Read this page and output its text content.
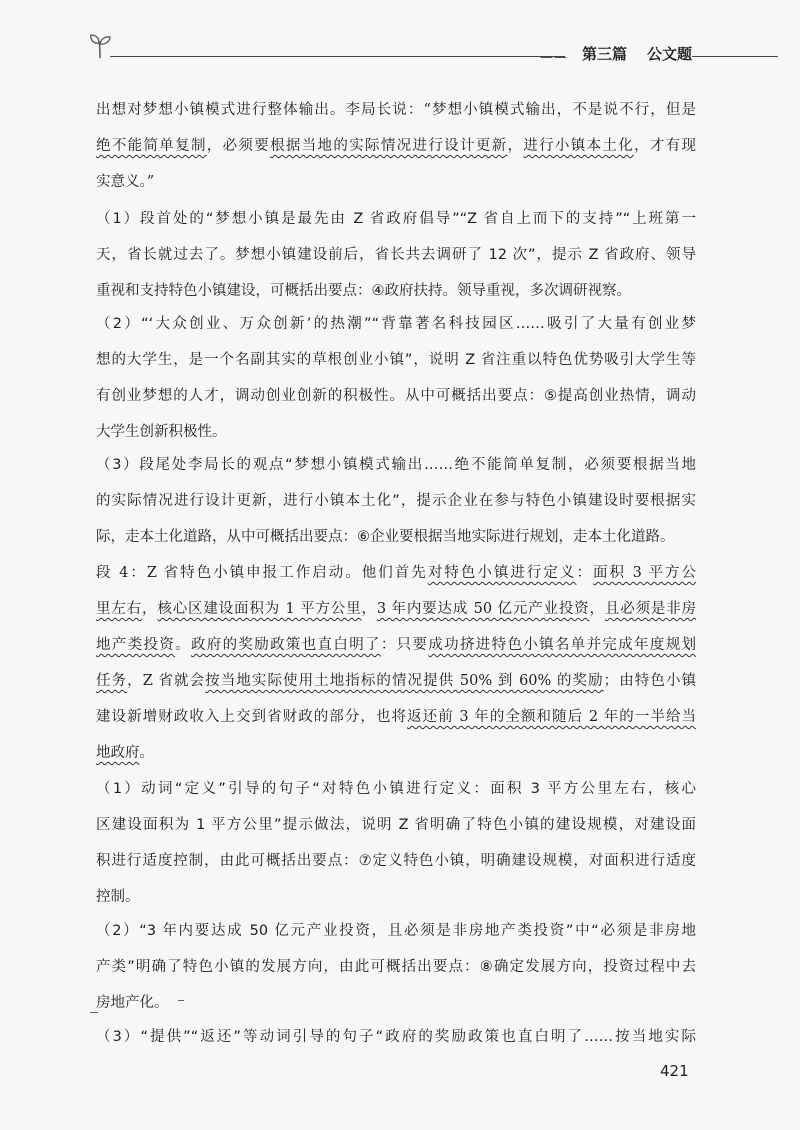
—— 第三篇 公文题
出想对梦想小镇模式进行整体输出。李局长说：“梦想小镇模式输出，不是说不行，但是
绝不能简单复制，必须要根据当地的实际情况进行设计更新，进行小镇本土化，才有现
实意义。”
（1）段首处的“梦想小镇是最先由 Z 省政府倡导”“Z 省自上而下的支持”“上班第一
天，省长就过去了。梦想小镇建设前后，省长共去调研了 12 次”，提示 Z 省政府、领导
重视和支持特色小镇建设，可概括出要点：④政府扶持。领导重视，多次调研视察。
（2）“‘大众创业、万众创新’的热潮”“背靠著名科技园区……吸引了大量有创业梦
想的大学生，是一个名副其实的草根创业小镇”，说明 Z 省注重以特色优势吸引大学生等
有创业梦想的人才，调动创业创新的积极性。从中可概括出要点：⑤提高创业热情，调动
大学生创新积极性。
（3）段尾处李局长的观点“梦想小镇模式输出……绝不能简单复制，必须要根据当地
的实际情况进行设计更新，进行小镇本土化”，提示企业在参与特色小镇建设时要根据实
际，走本土化道路，从中可概括出要点：⑥企业要根据当地实际进行规划，走本土化道路。
段 4：Z 省特色小镇申报工作启动。他们首先对特色小镇进行定义：面积 3 平方公
里左右，核心区建设面积为 1 平方公里，3 年内要达成 50 亿元产业投资，且必须是非房
地产类投资。政府的奖励政策也直白明了：只要成功挤进特色小镇名单并完成年度规划
任务，Z 省就会按当地实际使用土地指标的情况提供 50% 到 60% 的奖励；由特色小镇
建设新增财政收入上交到省财政的部分，也将返还前 3 年的全额和随后 2 年的一半给当
地政府。
（1）动词“定义”引导的句子“对特色小镇进行定义：面积 3 平方公里左右，核心
区建设面积为 1 平方公里”提示做法，说明 Z 省明确了特色小镇的建设规模，对建设面
积进行适度控制，由此可概括出要点：⑦定义特色小镇，明确建设规模，对面积进行适度
控制。
（2）“3 年内要达成 50 亿元产业投资，且必须是非房地产类投资”中“必须是非房地
产类”明确了特色小镇的发展方向，由此可概括出要点：⑧确定发展方向，投资过程中去
房地产化。
（3）“提供”“返还”等动词引导的句子“政府的奖励政策也直白明了……按当地实际
421
